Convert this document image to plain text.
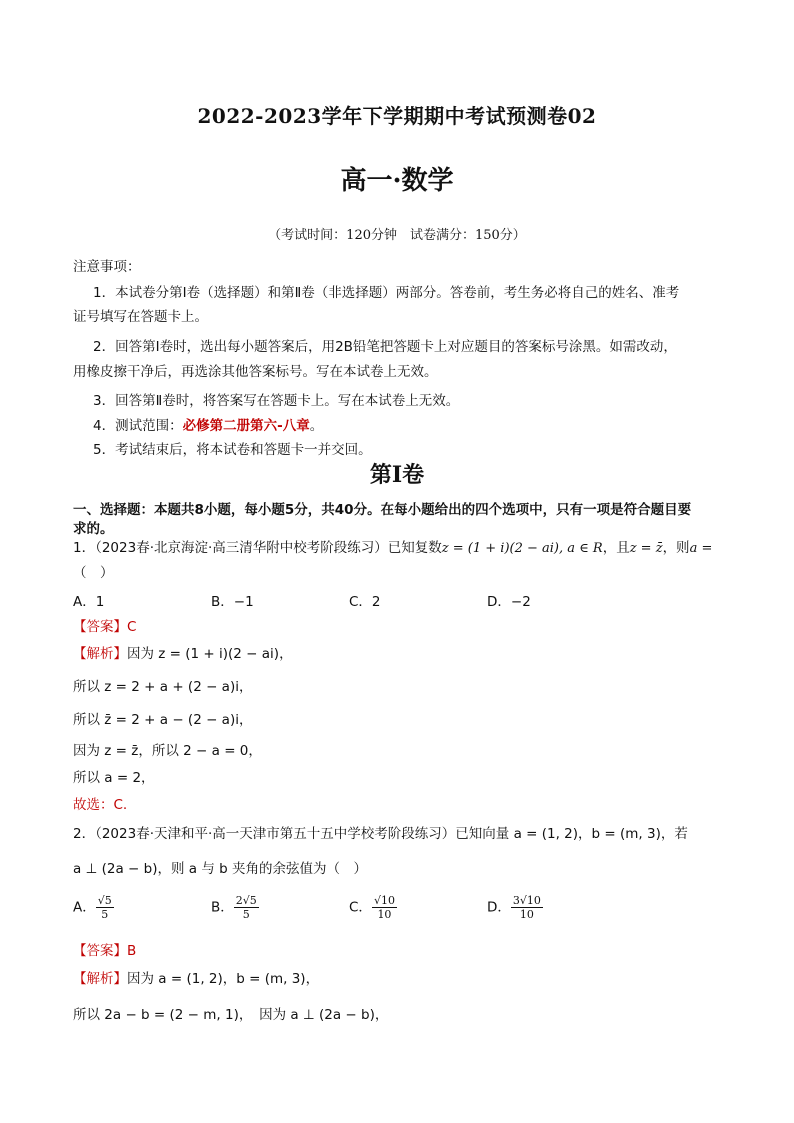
2022-2023学年下学期期中考试预测卷02
高一·数学
（考试时间：120分钟　试卷满分：150分）
注意事项：
1．本试卷分第Ⅰ卷（选择题）和第Ⅱ卷（非选择题）两部分。答卷前，考生务必将自己的姓名、准考
证号填写在答题卡上。
2．回答第Ⅰ卷时，选出每小题答案后，用2B铅笔把答题卡上对应题目的答案标号涂黑。如需改动，
用橡皮擦干净后，再选涂其他答案标号。写在本试卷上无效。
3．回答第Ⅱ卷时，将答案写在答题卡上。写在本试卷上无效。
4．测试范围：必修第二册第六-八章。
5．考试结束后，将本试卷和答题卡一并交回。
第Ⅰ卷
一、选择题：本题共8小题，每小题5分，共40分。在每小题给出的四个选项中，只有一项是符合题目要
求的。
1．（2023春·北京海淀·高三清华附中校考阶段练习）已知复数z = (1 + i)(2 − ai), a ∈ R，且z = z̄，则a =
（　）
A．1	B．−1	C．2	D．−2
【答案】C
【解析】因为 z = (1 + i)(2 − ai)，
所以 z = 2 + a + (2 − a)i，
所以 z̄ = 2 + a − (2 − a)i，
因为 z = z̄，所以 2 − a = 0，
所以 a = 2，
故选：C.
2．（2023春·天津和平·高一天津市第五十五中学校考阶段练习）已知向量 a = (1, 2)，b = (m, 3)，若
a ⊥ (2a − b)，则 a 与 b 夹角的余弦值为（　）
A． $\frac{√5}{5}$	B． $\frac{2√5}{5}$	C． $\frac{√10}{10}$	D． $\frac{3√10}{10}$
【答案】B
【解析】因为 a = (1, 2)，b = (m, 3)，
所以 2a − b = (2 − m, 1)，　因为 a ⊥ (2a − b)，
